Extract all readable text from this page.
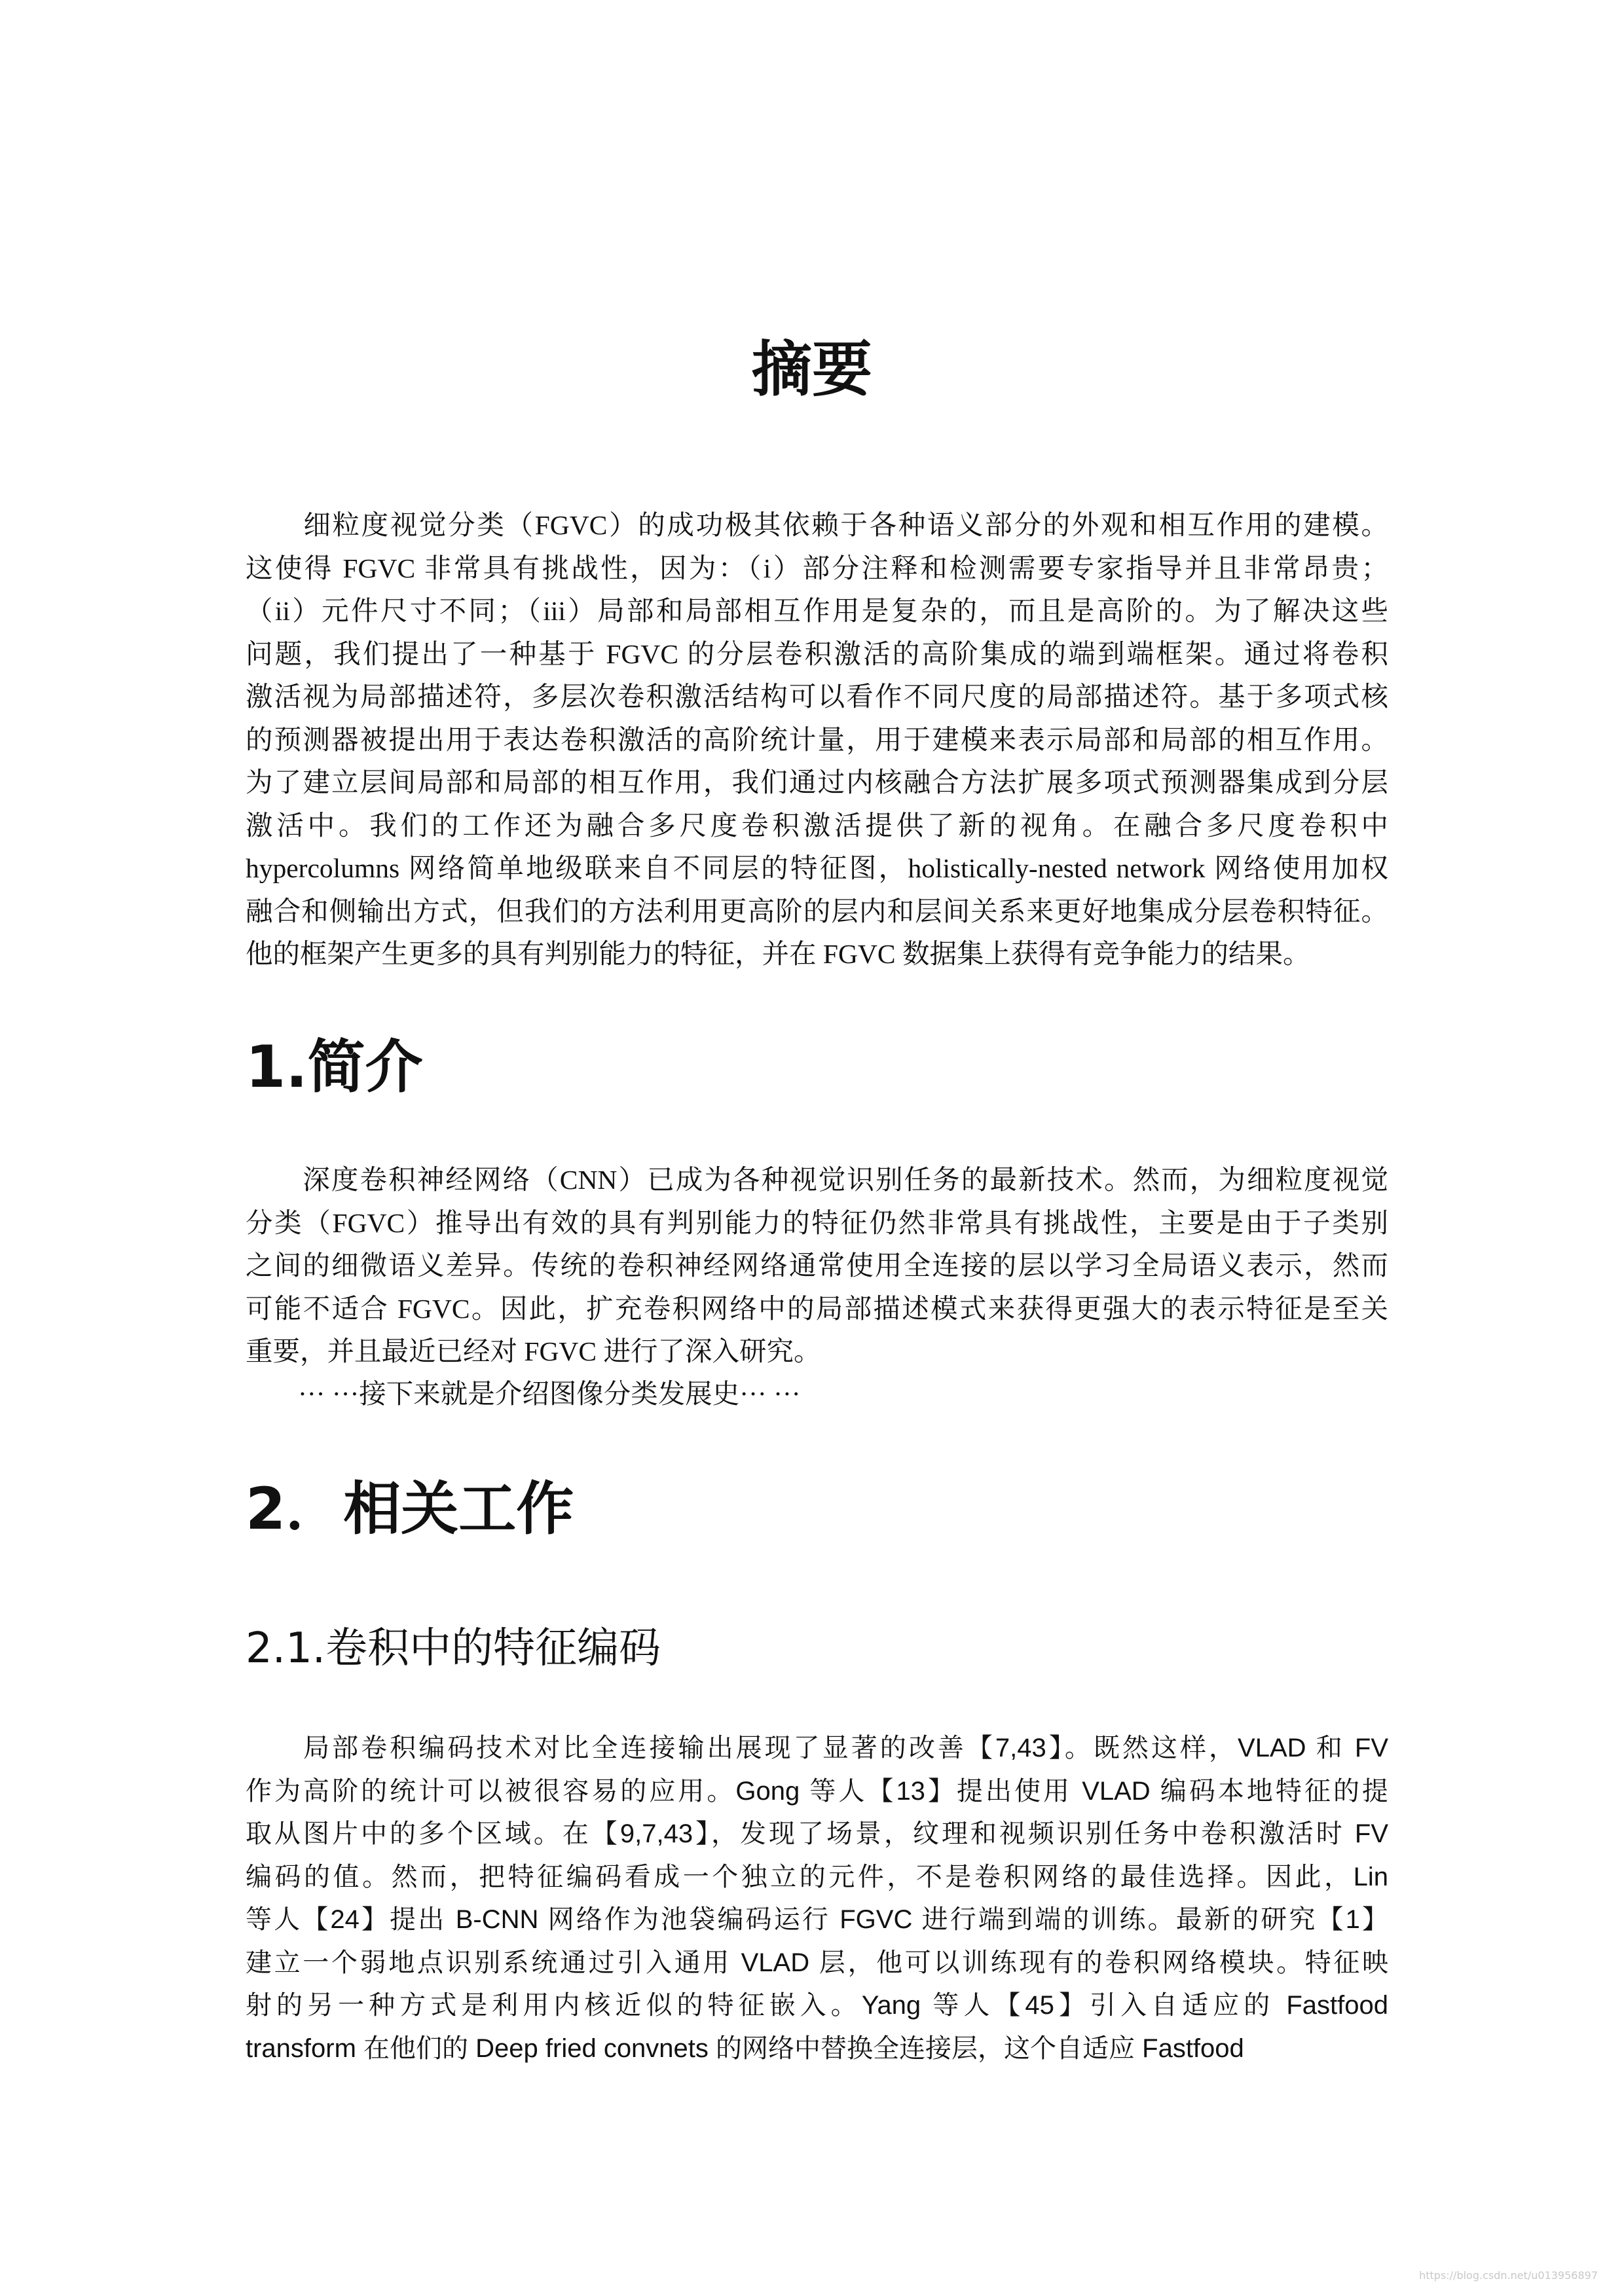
摘要
　　细粒度视觉分类（FGVC）的成功极其依赖于各种语义部分的外观和相互作用的建模。
这使得 FGVC 非常具有挑战性，因为：（i）部分注释和检测需要专家指导并且非常昂贵；
（ii）元件尺寸不同；（iii）局部和局部相互作用是复杂的，而且是高阶的。为了解决这些
问题，我们提出了一种基于 FGVC 的分层卷积激活的高阶集成的端到端框架。通过将卷积
激活视为局部描述符，多层次卷积激活结构可以看作不同尺度的局部描述符。基于多项式核
的预测器被提出用于表达卷积激活的高阶统计量，用于建模来表示局部和局部的相互作用。
为了建立层间局部和局部的相互作用，我们通过内核融合方法扩展多项式预测器集成到分层
激活中。我们的工作还为融合多尺度卷积激活提供了新的视角。在融合多尺度卷积中
hypercolumns 网络简单地级联来自不同层的特征图，holistically-nested network 网络使用加权
融合和侧输出方式，但我们的方法利用更高阶的层内和层间关系来更好地集成分层卷积特征。
他的框架产生更多的具有判别能力的特征，并在 FGVC 数据集上获得有竞争能力的结果。
1.简介
　　深度卷积神经网络（CNN）已成为各种视觉识别任务的最新技术。然而，为细粒度视觉
分类（FGVC）推导出有效的具有判别能力的特征仍然非常具有挑战性，主要是由于子类别
之间的细微语义差异。传统的卷积神经网络通常使用全连接的层以学习全局语义表示，然而
可能不适合 FGVC。因此，扩充卷积网络中的局部描述模式来获得更强大的表示特征是至关
重要，并且最近已经对 FGVC 进行了深入研究。

··· ···接下来就是介绍图像分类发展史··· ···

2．相关工作
2.1.卷积中的特征编码
　　局部卷积编码技术对比全连接输出展现了显著的改善【7,43】。既然这样，VLAD 和 FV
作为高阶的统计可以被很容易的应用。Gong 等人【13】提出使用 VLAD 编码本地特征的提
取从图片中的多个区域。在【9,7,43】，发现了场景，纹理和视频识别任务中卷积激活时 FV
编码的值。然而，把特征编码看成一个独立的元件，不是卷积网络的最佳选择。因此，Lin
等人【24】提出 B-CNN 网络作为池袋编码运行 FGVC 进行端到端的训练。最新的研究【1】
建立一个弱地点识别系统通过引入通用 VLAD 层，他可以训练现有的卷积网络模块。特征映
射的另一种方式是利用内核近似的特征嵌入。Yang 等人【45】引入自适应的 Fastfood
transform 在他们的 Deep fried convnets 的网络中替换全连接层，这个自适应 Fastfood
https://blog.csdn.net/u013956897
